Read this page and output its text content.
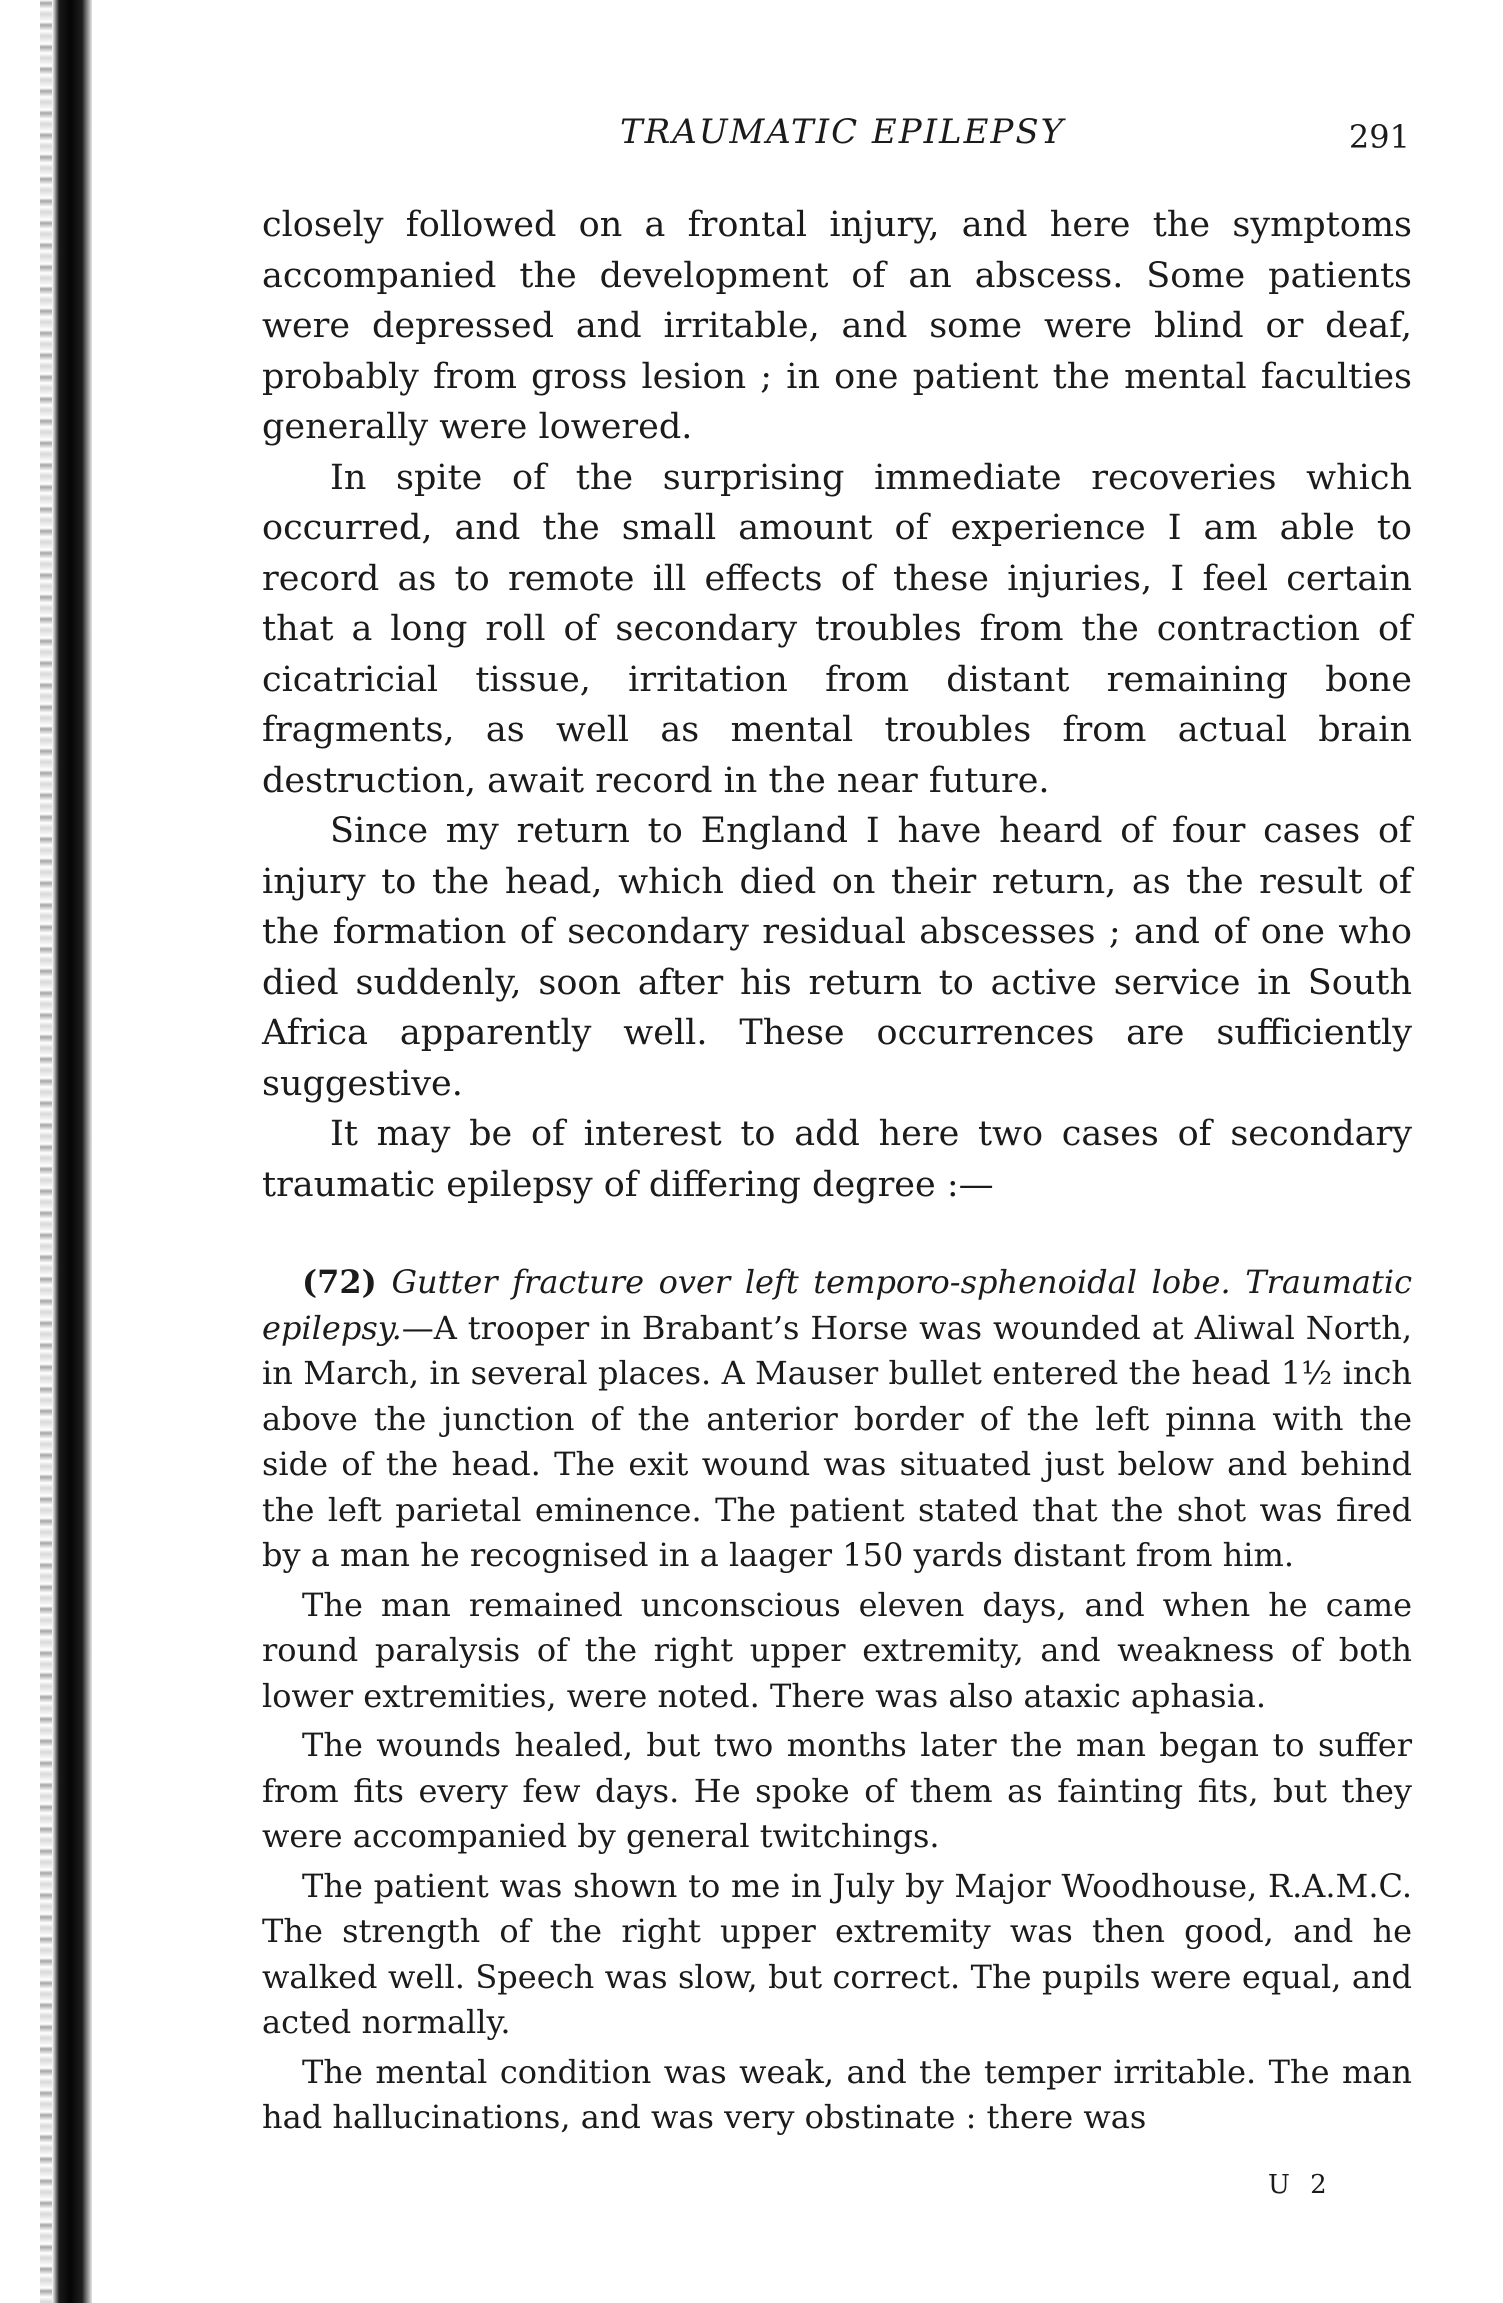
TRAUMATIC EPILEPSY	291

closely followed on a frontal injury, and here the symptoms accompanied the development of an abscess. Some patients were depressed and irritable, and some were blind or deaf, probably from gross lesion ; in one patient the mental faculties generally were lowered.

In spite of the surprising immediate recoveries which occurred, and the small amount of experience I am able to record as to remote ill effects of these injuries, I feel certain that a long roll of secondary troubles from the contraction of cicatricial tissue, irritation from distant remaining bone fragments, as well as mental troubles from actual brain destruction, await record in the near future.

Since my return to England I have heard of four cases of injury to the head, which died on their return, as the result of the formation of secondary residual abscesses ; and of one who died suddenly, soon after his return to active service in South Africa apparently well. These occurrences are sufficiently suggestive.

It may be of interest to add here two cases of secondary traumatic epilepsy of differing degree :—

(72) Gutter fracture over left temporo-sphenoidal lobe. Traumatic epilepsy.—A trooper in Brabant’s Horse was wounded at Aliwal North, in March, in several places. A Mauser bullet entered the head 1½ inch above the junction of the anterior border of the left pinna with the side of the head. The exit wound was situated just below and behind the left parietal eminence. The patient stated that the shot was fired by a man he recognised in a laager 150 yards distant from him.

The man remained unconscious eleven days, and when he came round paralysis of the right upper extremity, and weakness of both lower extremities, were noted. There was also ataxic aphasia.

The wounds healed, but two months later the man began to suffer from fits every few days. He spoke of them as fainting fits, but they were accompanied by general twitchings.

The patient was shown to me in July by Major Woodhouse, R.A.M.C. The strength of the right upper extremity was then good, and he walked well. Speech was slow, but correct. The pupils were equal, and acted normally.

The mental condition was weak, and the temper irritable. The man had hallucinations, and was very obstinate : there was

U 2
